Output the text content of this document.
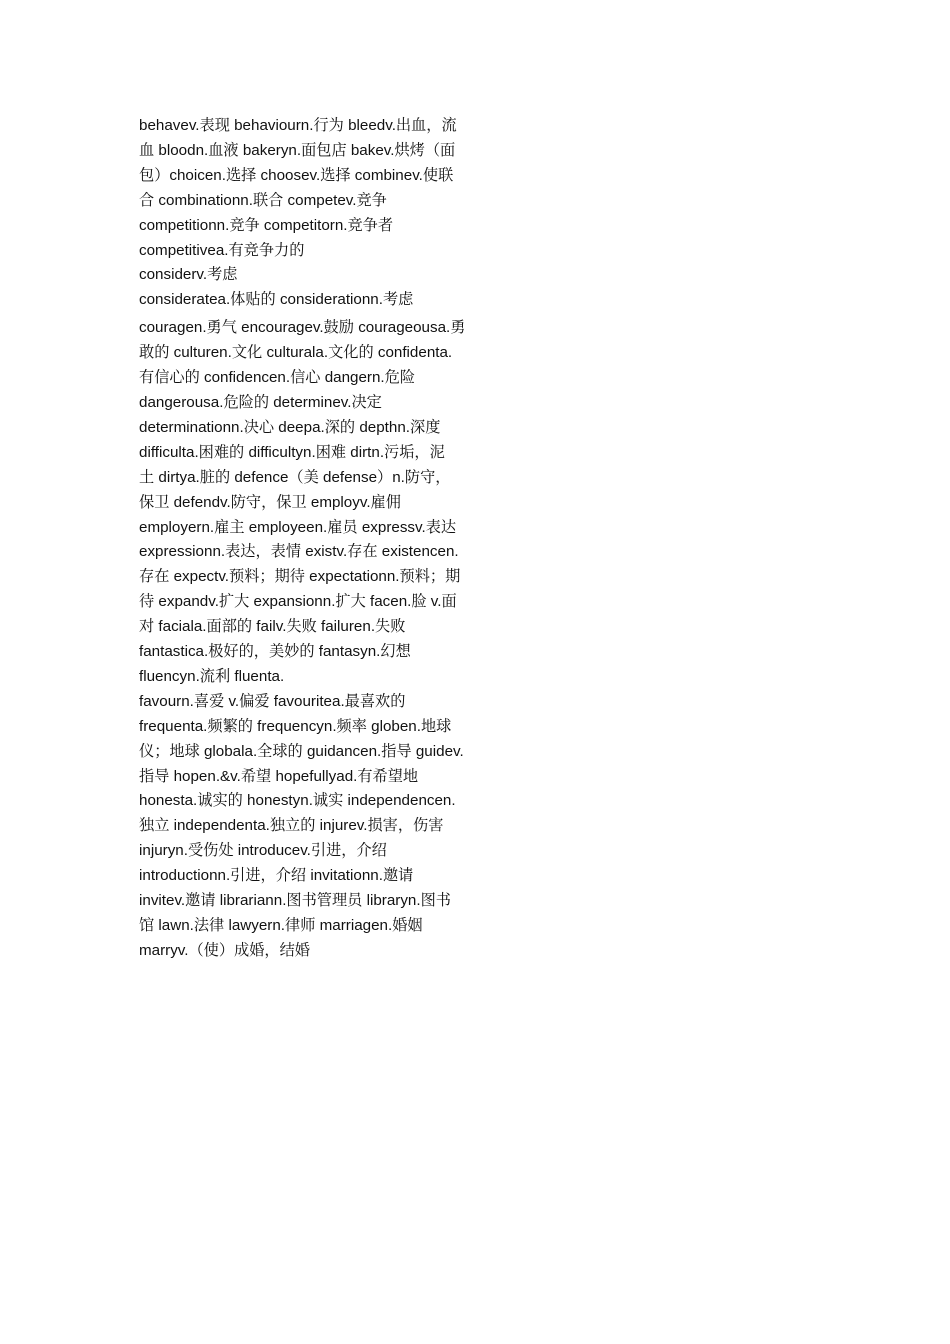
behavev.表现 behaviourn.行为 bleedv.出血，流
血 bloodn.血液 bakeryn.面包店 bakev.烘烤（面
包）choicen.选择 choosev.选择 combinev.使联
合 combinationn.联合 competev.竞争
competitionn.竞争 competitorn.竞争者
competitivea.有竞争力的
considerv.考虑
consideratea.体贴的 considerationn.考虑
couragen.勇气 encouragev.鼓励 courageousa.勇
敢的 culturen.文化 culturala.文化的 confidenta.
有信心的 confidencen.信心 dangern.危险
dangerousa.危险的 determinev.决定
determinationn.决心 deepa.深的 depthn.深度
difficulta.困难的 difficultyn.困难 dirtn.污垢，泥
土 dirtya.脏的 defence（美 defense）n.防守，
保卫 defendv.防守，保卫 employv.雇佣
employern.雇主 employeen.雇员 expressv.表达
expressionn.表达，表情 existv.存在 existencen.
存在 expectv.预料；期待 expectationn.预料；期
待 expandv.扩大 expansionn.扩大 facen.脸 v.面
对 faciala.面部的 failv.失败 failuren.失败
fantastica.极好的，美妙的 fantasyn.幻想
fluencyn.流利 fluenta.
favourn.喜爱 v.偏爱 favouritea.最喜欢的
frequenta.频繁的 frequencyn.频率 globen.地球
仪；地球 globala.全球的 guidancen.指导 guidev.
指导 hopen.&v.希望 hopefullyad.有希望地
honesta.诚实的 honestyn.诚实 independencen.
独立 independenta.独立的 injurev.损害，伤害
injuryn.受伤处 introducev.引进，介绍
introductionn.引进，介绍 invitationn.邀请
invitev.邀请 librariann.图书管理员 libraryn.图书
馆 lawn.法律 lawyern.律师 marriagen.婚姻
marryv.（使）成婚，结婚
